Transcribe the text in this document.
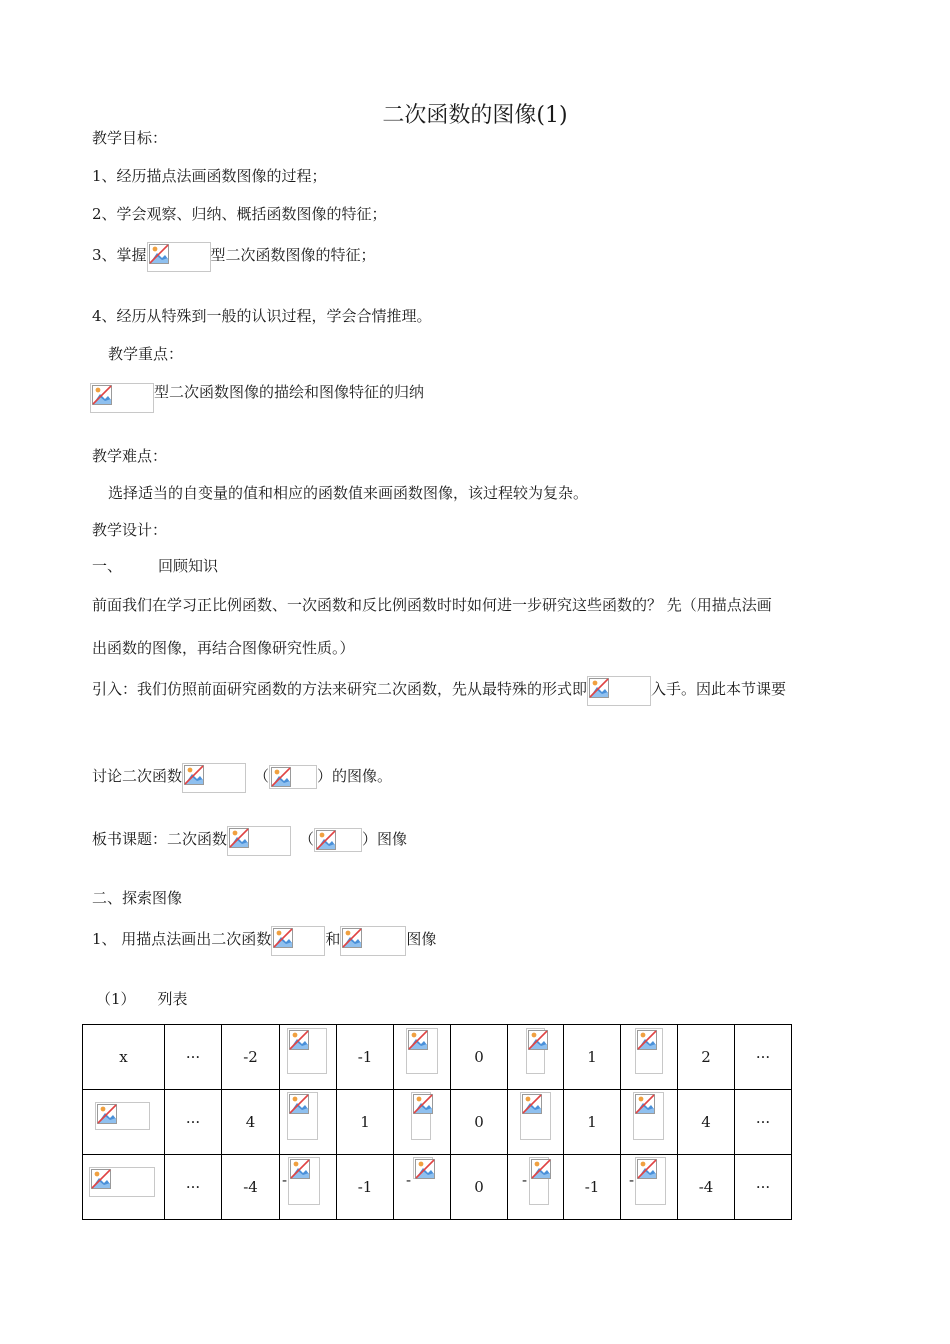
二次函数的图像(1)
教学目标：
1、经历描点法画函数图像的过程；
2、学会观察、归纳、概括函数图像的特征；
3、掌握	型二次函数图像的特征；
4、经历从特殊到一般的认识过程，学会合情推理。
教学重点：
型二次函数图像的描绘和图像特征的归纳
教学难点：
选择适当的自变量的值和相应的函数值来画函数图像，该过程较为复杂。
教学设计：
一、 回顾知识
前面我们在学习正比例函数、一次函数和反比例函数时时如何进一步研究这些函数的？ 先（用描点法画
出函数的图像，再结合图像研究性质。）
引入：我们仿照前面研究函数的方法来研究二次函数，先从最特殊的形式即	入手。因此本节课要
讨论二次函数	（	）的图像。
板书课题：二次函数	（	）图像
二、探索图像
1、 用描点法画出二次函数	和	图像
（1） 列表
x	···	-2		-1		0		1		2	···

	···	4		1		0		1		4	···

	···	-4	-	-1	-	0	-	-1	-	-4	···
